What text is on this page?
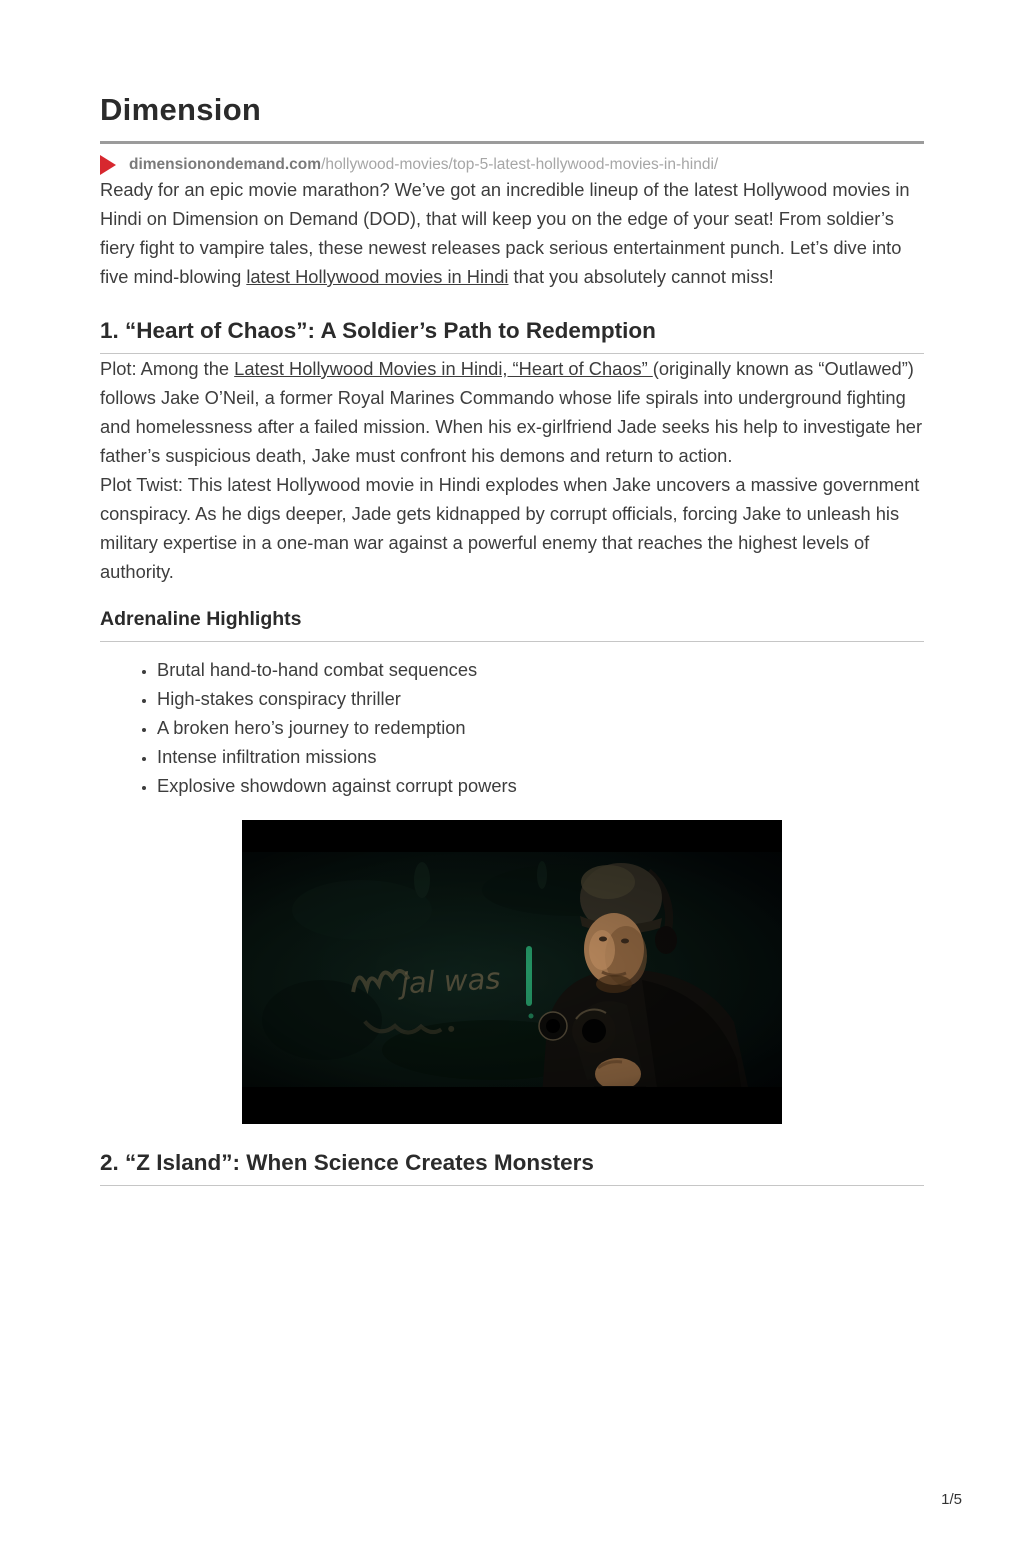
Dimension
dimensionondemand.com/hollywood-movies/top-5-latest-hollywood-movies-in-hindi/

Ready for an epic movie marathon? We’ve got an incredible lineup of the latest Hollywood movies in Hindi on Dimension on Demand (DOD), that will keep you on the edge of your seat! From soldier’s fiery fight to vampire tales, these newest releases pack serious entertainment punch. Let’s dive into five mind-blowing latest Hollywood movies in Hindi that you absolutely cannot miss!

1. “Heart of Chaos”: A Soldier’s Path to Redemption

Plot: Among the Latest Hollywood Movies in Hindi, “Heart of Chaos” (originally known as “Outlawed”) follows Jake O’Neil, a former Royal Marines Commando whose life spirals into underground fighting and homelessness after a failed mission. When his ex-girlfriend Jade seeks his help to investigate her father’s suspicious death, Jake must confront his demons and return to action.

Plot Twist: This latest Hollywood movie in Hindi explodes when Jake uncovers a massive government conspiracy. As he digs deeper, Jade gets kidnapped by corrupt officials, forcing Jake to unleash his military expertise in a one-man war against a powerful enemy that reaches the highest levels of authority.

Adrenaline Highlights
• Brutal hand-to-hand combat sequences
• High-stakes conspiracy thriller
• A broken hero’s journey to redemption
• Intense infiltration missions
• Explosive showdown against corrupt powers
2. “Z Island”: When Science Creates Monsters
1/5
